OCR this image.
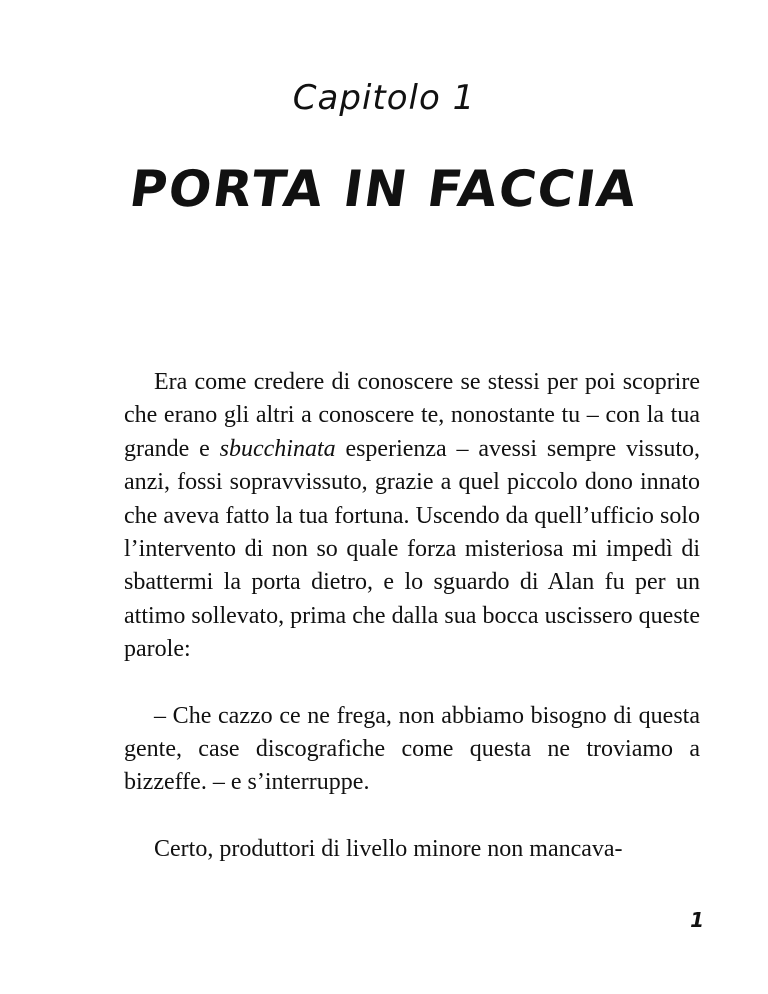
Capitolo 1
PORTA IN FACCIA

Era come credere di conoscere se stessi per poi scoprire che erano gli altri a conoscere te, nonostante tu – con la tua grande e sbucchinata esperienza – avessi sempre vissuto, anzi, fossi sopravvissuto, grazie a quel piccolo dono innato che aveva fatto la tua fortuna. Uscendo da quell’ufficio solo l’intervento di non so quale forza misteriosa mi impedì di sbattermi la porta dietro, e lo sguardo di Alan fu per un attimo sollevato, prima che dalla sua bocca uscissero queste parole:

– Che cazzo ce ne frega, non abbiamo bisogno di questa gente, case discografiche come questa ne troviamo a bizzeffe. – e s’interruppe.

Certo, produttori di livello minore non mancava-

1
